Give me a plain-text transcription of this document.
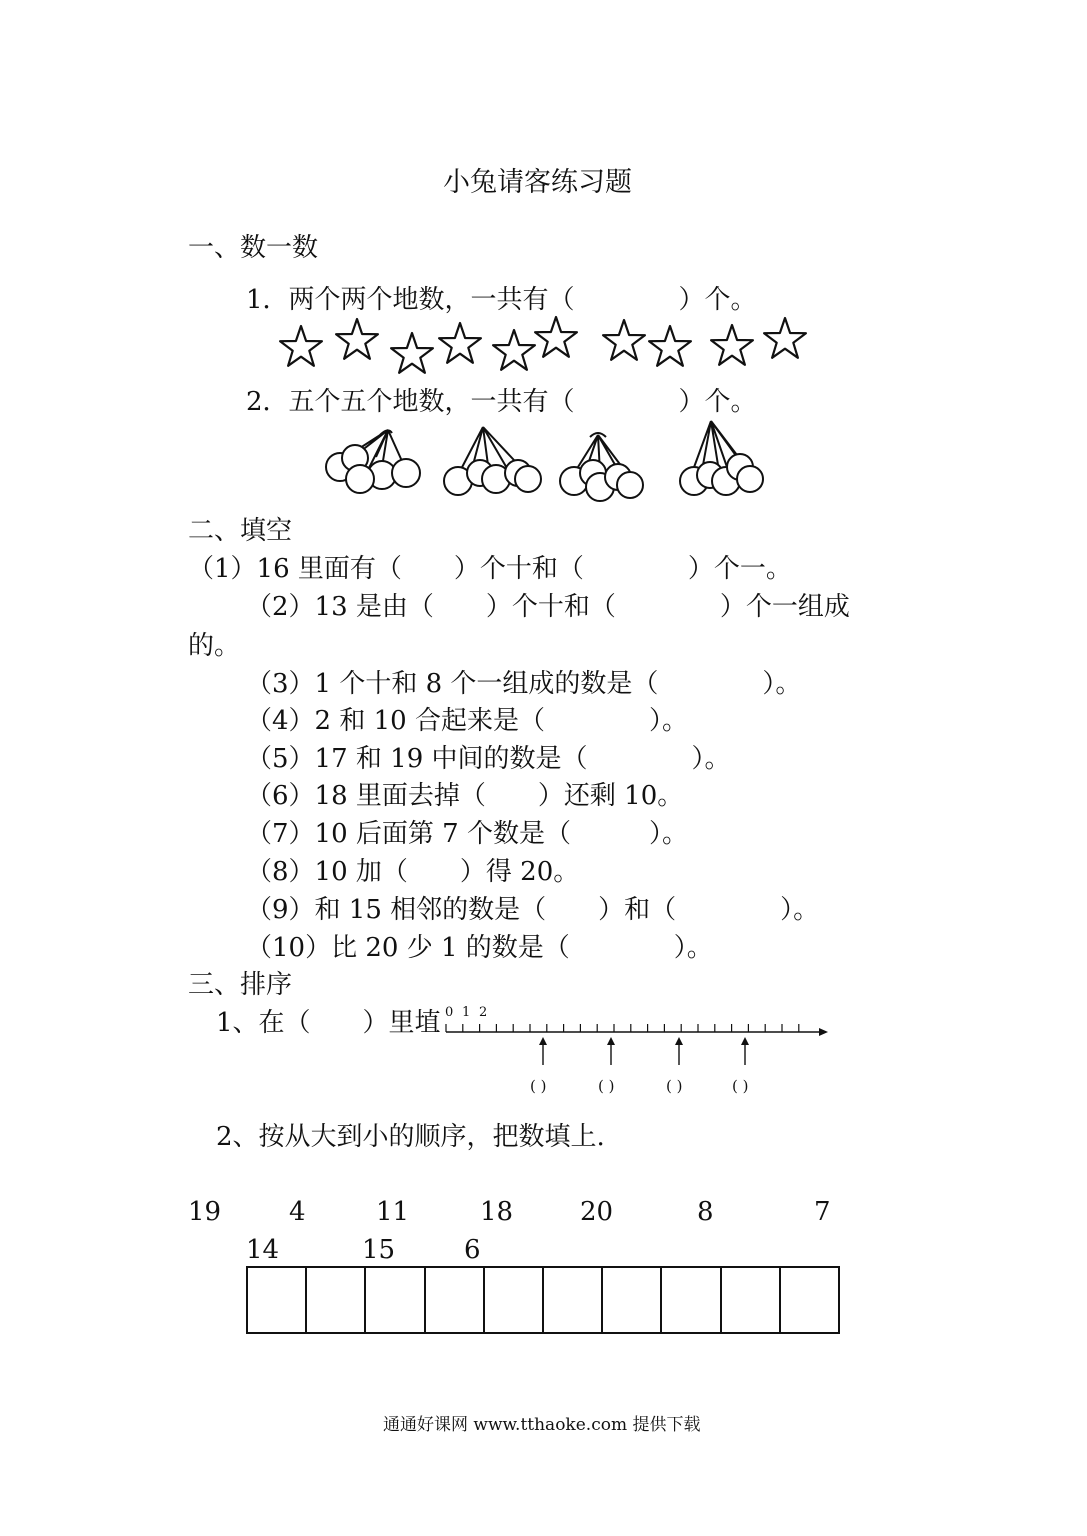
小兔请客练习题
一、数一数
1．两个两个地数，一共有（　　　　）个。
2．五个五个地数，一共有（　　　　）个。
二、填空
（1）16 里面有（　　）个十和（　　　　）个一。
（2）13 是由（　　）个十和（　　　　）个一组成
的。
（3）1 个十和 8 个一组成的数是（　　　　）。
（4）2 和 10 合起来是（　　　　）。
（5）17 和 19 中间的数是（　　　　）。
（6）18 里面去掉（　　）还剩 10。
（7）10 后面第 7 个数是（　　　）。
（8）10 加（　　）得 20。
（9）和 15 相邻的数是（　　）和（　　　　）。
（10）比 20 少 1 的数是（　　　　）。
三、排序
1、在（　　）里埴 0 1 2
( )	( )	( )	( )
2、按从大到小的顺序，把数填上.
19	4	11	18	20	8	7
14	15	6
通通好课网 www.tthaoke.com 提供下载
